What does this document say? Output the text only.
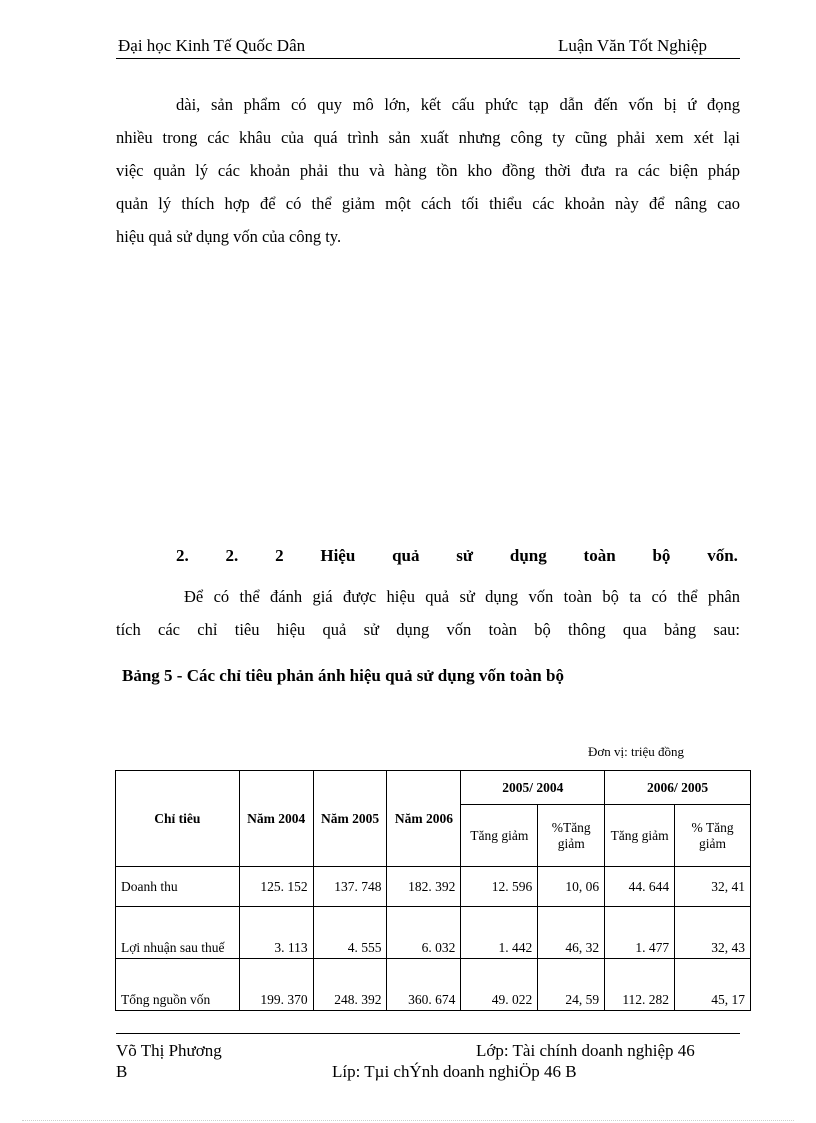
Đại học Kinh Tế Quốc Dân	Luận Văn Tốt Nghiệp
dài, sản phẩm có quy mô lớn, kết cấu phức tạp dẫn đến vốn bị ứ đọng
nhiều trong các khâu của quá trình sản xuất nhưng công ty cũng phải xem xét lại
việc quản lý các khoản phải thu và hàng tồn kho đồng thời đưa ra các biện pháp
quản lý thích hợp để có thể giảm một cách tối thiểu các khoản này để nâng cao
hiệu quả sử dụng vốn của công ty.
2. 2. 2 Hiệu quả sử dụng toàn bộ vốn.
Để có thể đánh giá được hiệu quả sử dụng vốn toàn bộ ta có thể phân
tích các chỉ tiêu hiệu quả sử dụng vốn toàn bộ thông qua bảng sau:
Bảng 5 - Các chỉ tiêu phản ánh hiệu quả sử dụng vốn toàn bộ
Đơn vị: triệu đồng
Chỉ tiêu	Năm 2004	Năm 2005	Năm 2006	2005/ 2004		2006/ 2005	
				Tăng giảm	%Tăng giảm	Tăng giảm	% Tăng giảm
Doanh thu	125. 152	137. 748	182. 392	12. 596	10, 06	44. 644	32, 41
Lợi nhuận sau thuế	3. 113	4. 555	6. 032	1. 442	46, 32	1. 477	32, 43
Tổng nguồn vốn	199. 370	248. 392	360. 674	49. 022	24, 59	112. 282	45, 17
Võ Thị Phương	Lớp: Tài chính doanh nghiệp 46
B	Líp: Tµi chÝnh doanh nghiÖp 46 B
